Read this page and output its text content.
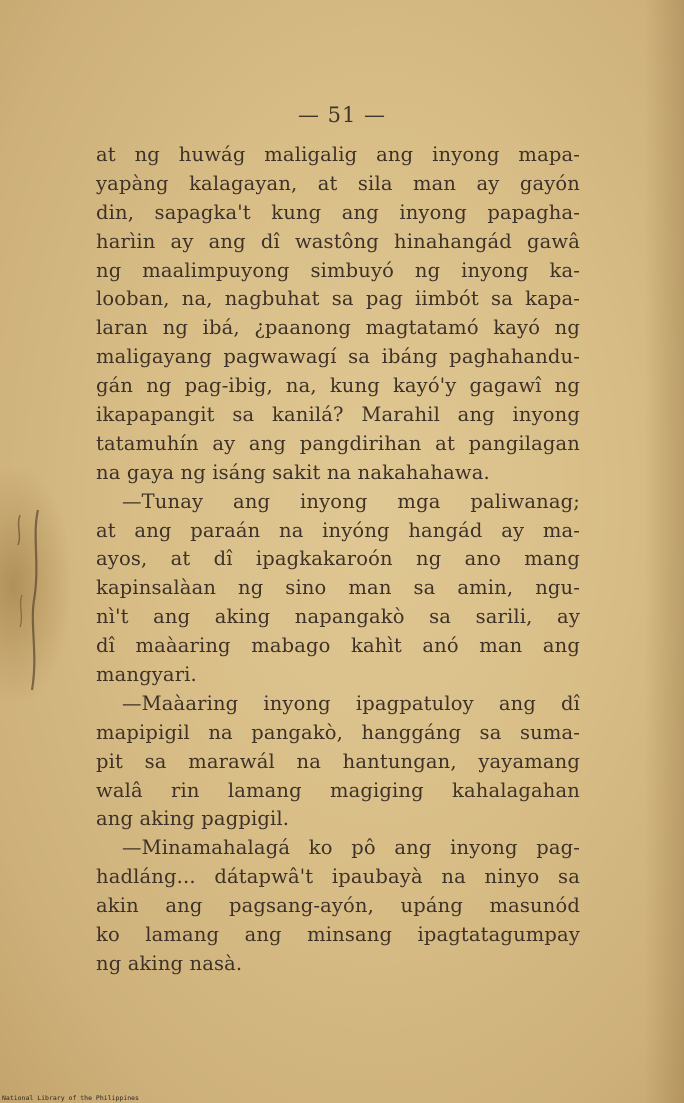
— 51 —
at ng huwág maligalig ang inyong mapa-
yapàng kalagayan, at sila man ay gayón
din, sapagka't kung ang inyong papagha-
harìin ay ang dî wastông hinahangád gawâ
ng maalimpuyong simbuyó ng inyong ka-
looban, na, nagbuhat sa pag iimbót sa kapa-
laran ng ibá, ¿paanong magtatamó kayó ng
maligayang pagwawagí sa ibáng paghahandu-
gán ng pag-ibig, na, kung kayó'y gagawî ng
ikapapangit sa kanilá? Marahil ang inyong
tatamuhín ay ang pangdirihan at pangilagan
na gaya ng isáng sakit na nakahahawa.
—Tunay ang inyong mga paliwanag;
at ang paraán na inyóng hangád ay ma-
ayos, at dî ipagkakaroón ng ano mang
kapinsalàan ng sino man sa amin, ngu-
nì't ang aking napangakò sa sarili, ay
dî maàaring mabago kahìt anó man ang
mangyari.
—Maàaring inyong ipagpatuloy ang dî
mapipigil na pangakò, hanggáng sa suma-
pit sa marawál na hantungan, yayamang
walâ rin lamang magiging kahalagahan
ang aking pagpigil.
—Minamahalagá ko pô ang inyong pag-
hadláng... dátapwâ't ipaubayà na ninyo sa
akin ang pagsang-ayón, upáng masunód
ko lamang ang minsang ipagtatagumpay
ng aking nasà.
National Library of the Philippines
